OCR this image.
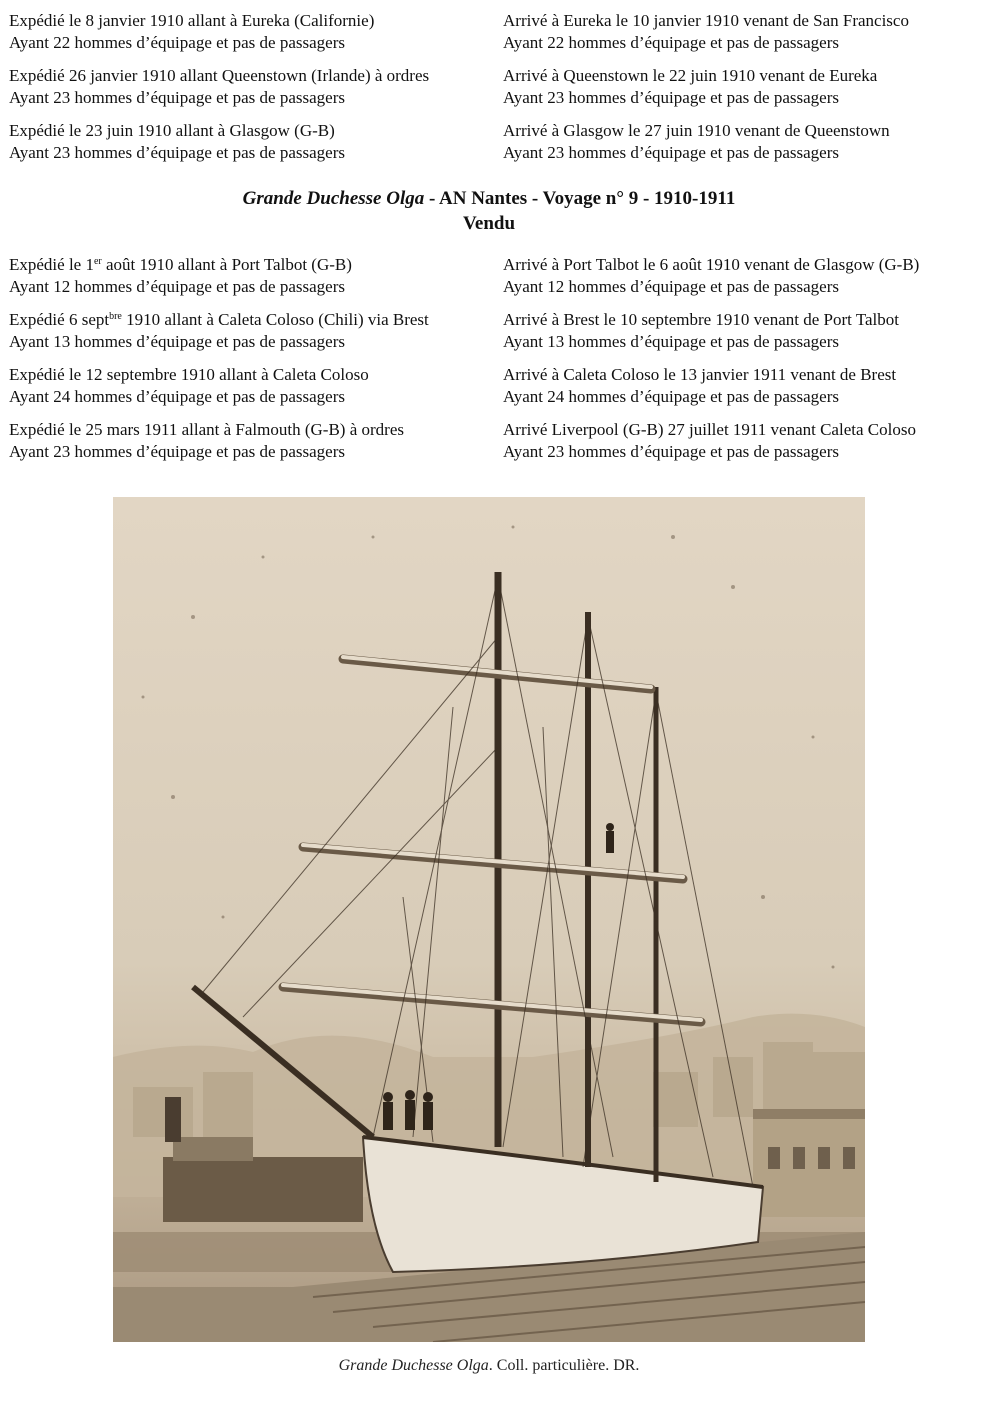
Expédié le 8 janvier 1910 allant à Eureka (Californie)
Ayant 22 hommes d’équipage et pas de passagers
Arrivé à Eureka le 10 janvier 1910 venant de San Francisco
Ayant 22 hommes d’équipage et pas de passagers
Expédié 26 janvier 1910 allant Queenstown (Irlande) à ordres
Ayant 23 hommes d’équipage et pas de passagers
Arrivé à Queenstown le 22 juin 1910 venant de Eureka
Ayant 23 hommes d’équipage et pas de passagers
Expédié le 23 juin 1910 allant à Glasgow (G-B)
Ayant 23 hommes d’équipage et pas de passagers
Arrivé à Glasgow le 27 juin 1910 venant de Queenstown
Ayant 23 hommes d’équipage et pas de passagers
Grande Duchesse Olga - AN Nantes - Voyage n° 9 - 1910-1911
Vendu
Expédié le 1er août 1910 allant à Port Talbot (G-B)
Ayant 12 hommes d’équipage et pas de passagers
Arrivé à Port Talbot le 6 août 1910 venant de Glasgow (G-B)
Ayant 12 hommes d’équipage et pas de passagers
Expédié 6 sept$^{bre}$ 1910 allant à Caleta Coloso (Chili) via Brest
Ayant 13 hommes d’équipage et pas de passagers
Arrivé à Brest le 10 septembre 1910 venant de Port Talbot
Ayant 13 hommes d’équipage et pas de passagers
Expédié le 12 septembre 1910 allant à Caleta Coloso
Ayant 24 hommes d’équipage et pas de passagers
Arrivé à Caleta Coloso le 13 janvier 1911 venant de Brest
Ayant 24 hommes d’équipage et pas de passagers
Expédié le 25 mars 1911 allant à Falmouth (G-B) à ordres
Ayant 23 hommes d’équipage et pas de passagers
Arrivé Liverpool (G-B) 27 juillet 1911 venant Caleta Coloso
Ayant 23 hommes d’équipage et pas de passagers
Grande Duchesse Olga. Coll. particulière. DR.
